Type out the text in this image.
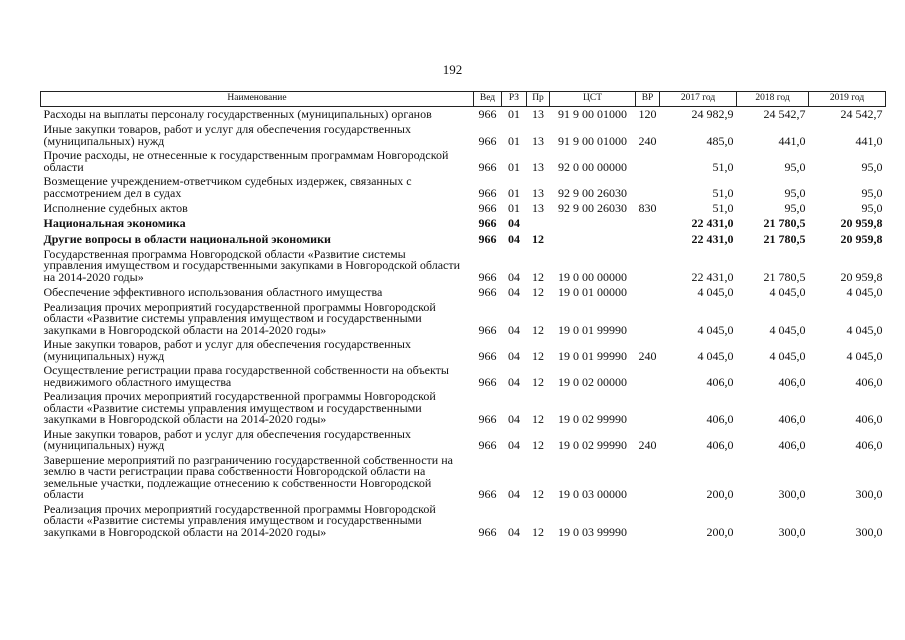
192
Наименование	Вед	РЗ	Пр	ЦСТ	ВР	2017 год	2018 год	2019 год
Расходы на выплаты персоналу государственных (муниципальных) органов	966	01	13	91 9 00 01000	120	24 982,9	24 542,7	24 542,7
Иные закупки товаров, работ и услуг для обеспечения государственных (муниципальных) нужд	966	01	13	91 9 00 01000	240	485,0	441,0	441,0
Прочие расходы, не отнесенные к государственным программам Новгородской области	966	01	13	92 0 00 00000		51,0	95,0	95,0
Возмещение учреждением-ответчиком судебных издержек, связанных с рассмотрением дел в судах	966	01	13	92 9 00 26030		51,0	95,0	95,0
Исполнение судебных актов	966	01	13	92 9 00 26030	830	51,0	95,0	95,0
Национальная экономика	966	04				22 431,0	21 780,5	20 959,8
Другие вопросы в области национальной экономики	966	04	12			22 431,0	21 780,5	20 959,8
Государственная программа Новгородской области «Развитие системы управления имуществом и государственными закупками в Новгородской области на 2014-2020 годы»	966	04	12	19 0 00 00000		22 431,0	21 780,5	20 959,8
Обеспечение эффективного использования областного имущества	966	04	12	19 0 01 00000		4 045,0	4 045,0	4 045,0
Реализация прочих мероприятий государственной программы Новгородской области «Развитие системы управления имуществом и государственными закупками в Новгородской области на 2014-2020 годы»	966	04	12	19 0 01 99990		4 045,0	4 045,0	4 045,0
Иные закупки товаров, работ и услуг для обеспечения государственных (муниципальных) нужд	966	04	12	19 0 01 99990	240	4 045,0	4 045,0	4 045,0
Осуществление регистрации права государственной собственности на объекты недвижимого областного имущества	966	04	12	19 0 02 00000		406,0	406,0	406,0
Реализация прочих мероприятий государственной программы Новгородской области «Развитие системы управления имуществом и государственными закупками в Новгородской области на 2014-2020 годы»	966	04	12	19 0 02 99990		406,0	406,0	406,0
Иные закупки товаров, работ и услуг для обеспечения государственных (муниципальных) нужд	966	04	12	19 0 02 99990	240	406,0	406,0	406,0
Завершение мероприятий по разграничению государственной собственности на землю в части регистрации права собственности Новгородской области на земельные участки, подлежащие отнесению к собственности Новгородской области	966	04	12	19 0 03 00000		200,0	300,0	300,0
Реализация прочих мероприятий государственной программы Новгородской области «Развитие системы управления имуществом и государственными закупками в Новгородской области на 2014-2020 годы»	966	04	12	19 0 03 99990		200,0	300,0	300,0
